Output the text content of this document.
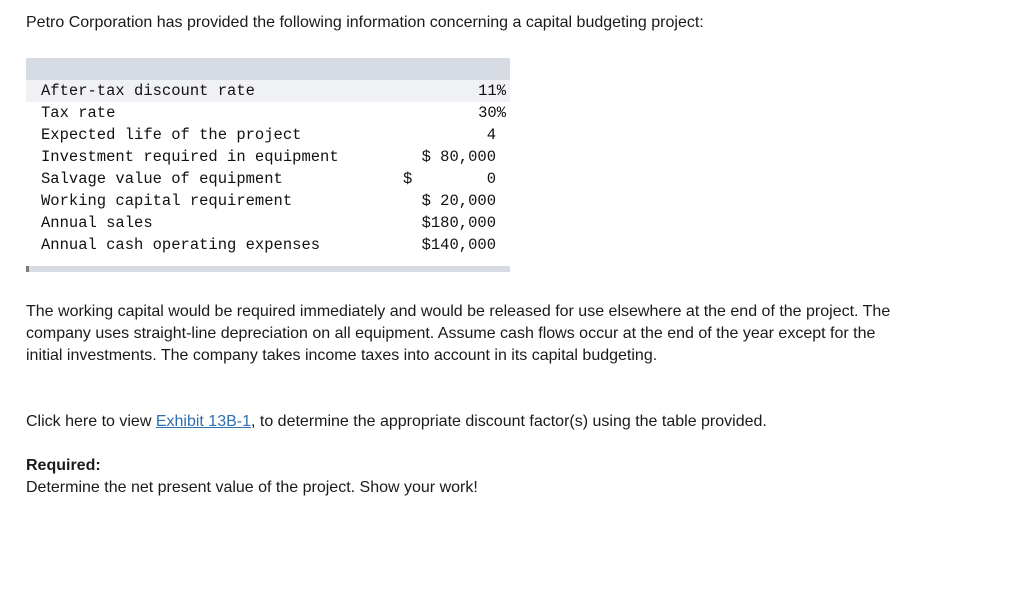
Petro Corporation has provided the following information concerning a capital budgeting project:

After-tax discount rate	11%
Tax rate	30%
Expected life of the project	4
Investment required in equipment	$ 80,000
Salvage value of equipment	$        0
Working capital requirement	$ 20,000
Annual sales	$180,000
Annual cash operating expenses	$140,000

The working capital would be required immediately and would be released for use elsewhere at the end of the project. The company uses straight-line depreciation on all equipment. Assume cash flows occur at the end of the year except for the initial investments. The company takes income taxes into account in its capital budgeting.

Click here to view Exhibit 13B-1, to determine the appropriate discount factor(s) using the table provided.

Required:
Determine the net present value of the project. Show your work!
